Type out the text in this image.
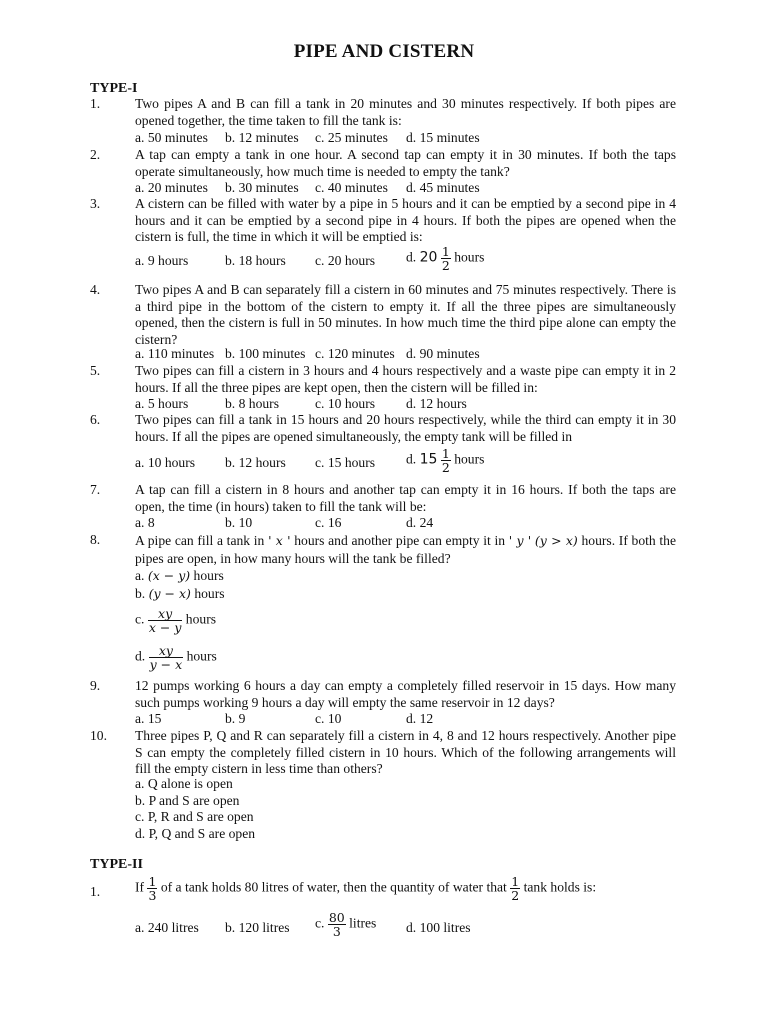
PIPE AND CISTERN
TYPE-I
1.	Two pipes A and B can fill a tank in 20 minutes and 30 minutes respectively. If both pipes are opened together, the time taken to fill the tank is:
a. 50 minutes b. 12 minutes c. 25 minutes d. 15 minutes
2.	A tap can empty a tank in one hour. A second tap can empty it in 30 minutes. If both the taps operate simultaneously, how much time is needed to empty the tank?
a. 20 minutes b. 30 minutes c. 40 minutes d. 45 minutes
3.	A cistern can be filled with water by a pipe in 5 hours and it can be emptied by a second pipe in 4 hours and it can be emptied by a second pipe in 4 hours. If both the pipes are opened when the cistern is full, the time in which it will be emptied is:
a. 9 hours	b. 18 hours c. 20 hours d. $20 \frac{1}{2}$ hours
4.	Two pipes A and B can separately fill a cistern in 60 minutes and 75 minutes respectively. There is a third pipe in the bottom of the cistern to empty it. If all the three pipes are simultaneously opened, then the cistern is full in 50 minutes. In how much time the third pipe alone can empty the cistern?
a. 110 minutes b. 100 minutes c. 120 minutes d. 90 minutes
5.	Two pipes can fill a cistern in 3 hours and 4 hours respectively and a waste pipe can empty it in 2 hours. If all the three pipes are kept open, then the cistern will be filled in:
a. 5 hours	b. 8 hours	c. 10 hours d. 12 hours
6.	Two pipes can fill a tank in 15 hours and 20 hours respectively, while the third can empty it in 30 hours. If all the pipes are opened simultaneously, the empty tank will be filled in
a. 10 hours b. 12 hours c. 15 hours d. $15 \frac{1}{2}$ hours
7.	A tap can fill a cistern in 8 hours and another tap can empty it in 16 hours. If both the taps are open, the time (in hours) taken to fill the tank will be:
a. 8	b. 10	c. 16	d. 24
8.	A pipe can fill a tank in ' x ' hours and another pipe can empty it in ' y ' (y > x) hours. If both the pipes are open, in how many hours will the tank be filled?
a. (x − y) hours
b. (y − x) hours
c. $\frac{xy}{x - y}$ hours
d. $\frac{xy}{y - x}$ hours
9.	12 pumps working 6 hours a day can empty a completely filled reservoir in 15 days. How many such pumps working 9 hours a day will empty the same reservoir in 12 days?
a. 15	b. 9	c. 10	d. 12
10. Three pipes P, Q and R can separately fill a cistern in 4, 8 and 12 hours respectively. Another pipe S can empty the completely filled cistern in 10 hours. Which of the following arrangements will fill the empty cistern in less time than others?
a. Q alone is open
b. P and S are open
c. P, R and S are open
d. P, Q and S are open
TYPE-II
1.	If $\frac{1}{3}$ of a tank holds 80 litres of water, then the quantity of water that $\frac{1}{2}$ tank holds is:
a. 240 litres b. 120 litres c. $\frac{80}{3}$ litres d. 100 litres
